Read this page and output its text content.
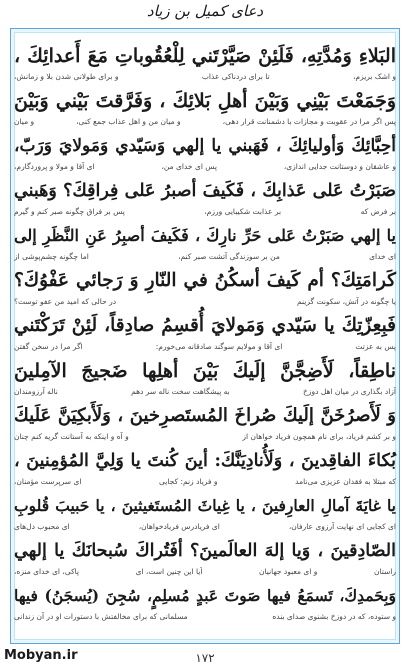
دعای کمیل بن زیاد
البَلاءِ وَمُدَّتِهِ، فَلَئِنْ صَيَّرْتَني لِلْعُقُوباتِ مَعَ أَعدائِكَ ،
و اشک بریزم،
تا برای دردناکی عذاب
و برای طولانی شدن بلا و زمانش،
وَجَمَعْتَ بَيْنِي وَبَيْنَ أهلِ بَلائِكَ ، وَفَرَّقتَ بَيْني وَبَيْنَ
پس اگر مرا در عقوبت و مجازات با دشمنانت قرار دهی،
و میان من و اهل عذاب جمع کنی،
و میان
أحِبَّائِكَ وَأوليائِكَ ، فَهَبني يا إلهي وَسَيّدي وَمَولايَ وَرَبّ،
و عاشقان و دوستانت جدایی اندازی،
پس ای خدای من،
ای آقا و مولا و پروردگارم،
صَبَرْتُ عَلى عَذابِكَ ، فَكَيفَ أصبرُ عَلى فِراقِكَ؟ وَهَبني
بر فرض که
بر عذابت شکیبایی ورزم،
پس بر فراق چگونه صبر کنم و گیرم
يا إلهي صَبَرْتُ عَلى حَرِّ نارِكَ ، فَكَيفَ أصبِرُ عَنِ النَّظَرِ إلى
ای خدای
من بر سوزندگی آتشت صبر کنم،
اما چگونه چشم‌پوشی از
كَرامَتِكَ؟ أم كَيفَ أسكُنُ في النّارِ وَ رَجائي عَفْوُكَ؟
یا چگونه در آتش، سکونت گزینم
در حالی که امید من عفو توست؟
فَبِعِزّتِكَ يا سَيّدي وَمَولايَ أُقسِمُ صادِقاً، لَئِنْ تَرَكْتَني
پس به عزتت
ای آقا و مولایم سوگند صادقانه می‌خورم:
اگر مرا در سخن گفتن
ناطِقاً، لَأَضِجَّنَّ إلَيكَ بَيْنَ أهلِها ضَجيجَ الآمِلينَ
آزاد بگذاری در میان اهل دوزخ
به پیشگاهت سخت ناله سر دهم
ناله آرزومندان
وَ لَأَصرُخَنَّ إلَيكَ صُراخَ المُستَصرِخينَ ، وَلَأَبكِيَنَّ عَلَيكَ
و بر کشم فریاد، برای نام همچون فریاد خواهان از
و آه و اینکه به آستانت گریه کنم چنان
بُكاءَ الفاقِدينَ ، وَلَأُنادِيَنَّكَ: أينَ كُنتَ يا وَلِيَّ المُؤمِنينَ ،
که مبتلا به فقدان عزیزی می‌نامد
و فریاد زنم: کجایی
ای سرپرست مؤمنان،
يا غايَةَ آمالِ العارِفينَ ، يا غِياثَ المُستَغيثينَ ، يا حَبيبَ قُلوبِ
ای کجایی ای نهایت آرزوی عارفان،
ای فریادرس فریادخواهان،
ای محبوب دل‌های
الصّادِقينَ ، وَيا إلهَ العالَمينَ؟ أفَتُراكَ سُبحانَكَ يا إلهي
راستان
و ای معبود جهانیان
آیا این چنین است، ای
پاکی، ای خدای منزه،
وَبِحَمدِكَ، تَسمَعُ فيها صَوتَ عَبدٍ مُسلِمٍ، سُجِنَ (يُسجَنُ) فيها
و ستوده، که در دوزخ بشنوی صدای بنده
مسلمانی که برای مخالفتش با دستورات او در آن زندانی
۱۷۲
Mobyan.ir
